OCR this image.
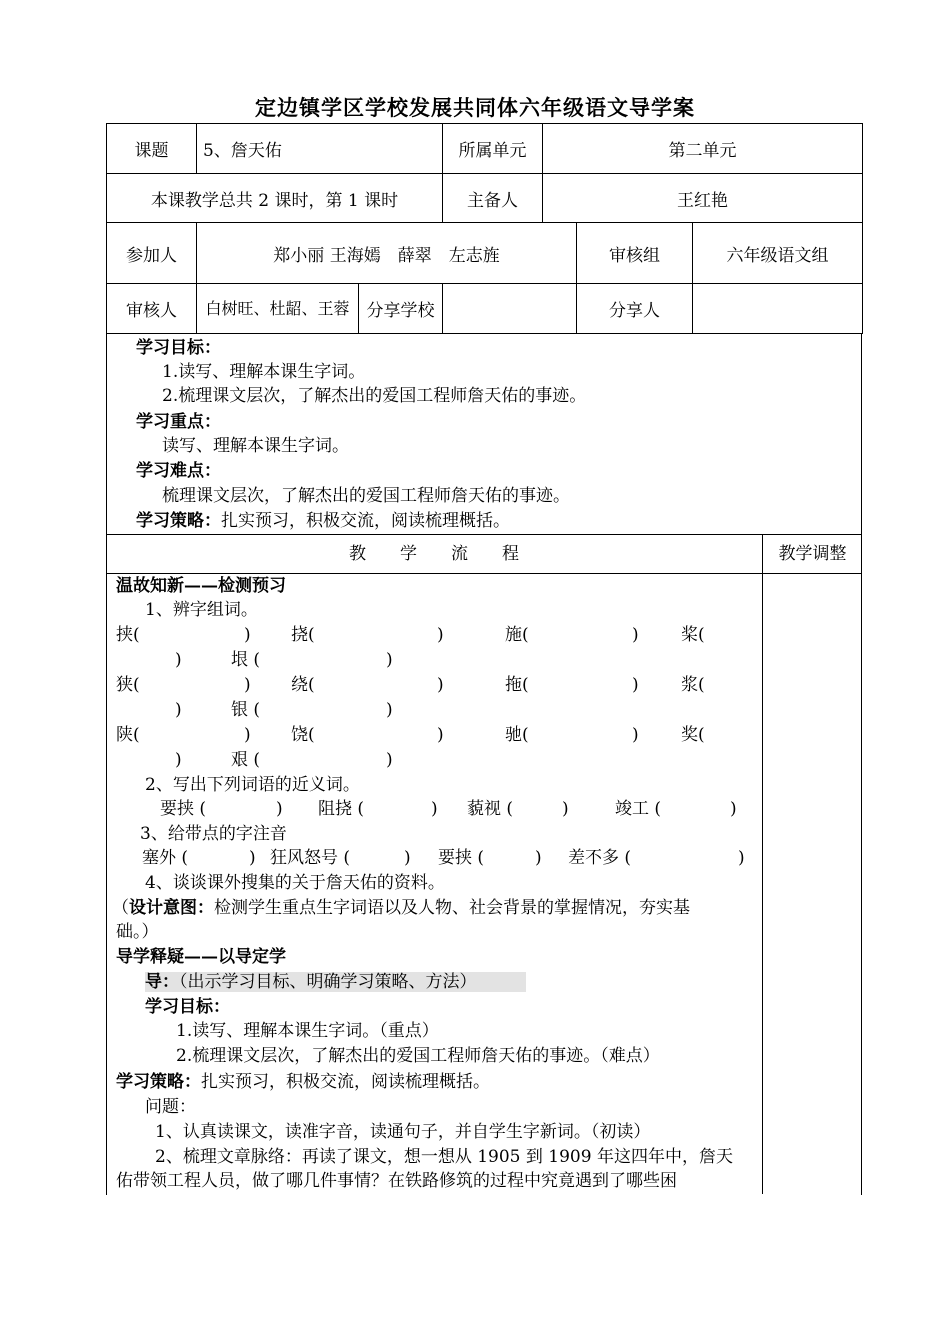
定边镇学区学校发展共同体六年级语文导学案
课题	5、詹天佑		所属单元	第二单元		
本课教学总共 2 课时，第 1 课时			主备人	王红艳		
参加人	郑小丽 王海嫣　薛翠　左志旌				审核组	六年级语文组
审核人	白树旺、杜龆、王蓉	分享学校			分享人	
学习目标：
1.读写、理解本课生字词。
2.梳理课文层次，了解杰出的爱国工程师詹天佑的事迹。
学习重点：
读写、理解本课生字词。
学习难点：
梳理课文层次，了解杰出的爱国工程师詹天佑的事迹。
学习策略： 扎实预习，积极交流，阅读梳理概括。
教　　学　　流　　程	教学调整
温故知新——检测预习
1、辨字组词。
挟(	) 挠(	)	施(	) 桨(
)	垠 (	)
狭(	) 绕(	)	拖(	) 浆(
)	银 (	)
陕(	) 饶(	)	驰(	) 奖(
)	艰 (	)
2、写出下列词语的近义词。
要挟 (	) 阻挠 (	) 藐视 (	)	竣工 (	)
3、给带点的字注音
塞外 (	) 狂风怒号 (	) 要挟 (	) 差不多 (	)
4、谈谈课外搜集的关于詹天佑的资料。
（设计意图：检测学生重点生字词语以及人物、社会背景的掌握情况，夯实基
础。）
导学释疑——以导定学
导：（出示学习目标、明确学习策略、方法）
学习目标：
1.读写、理解本课生字词。（重点）
2.梳理课文层次，了解杰出的爱国工程师詹天佑的事迹。（难点）
学习策略： 扎实预习，积极交流，阅读梳理概括。
问题：
1、认真读课文，读准字音，读通句子，并自学生字新词。（初读）
2、梳理文章脉络：再读了课文，想一想从 1905 到 1909 年这四年中，詹天
佑带领工程人员，做了哪几件事情？在铁路修筑的过程中究竟遇到了哪些困
